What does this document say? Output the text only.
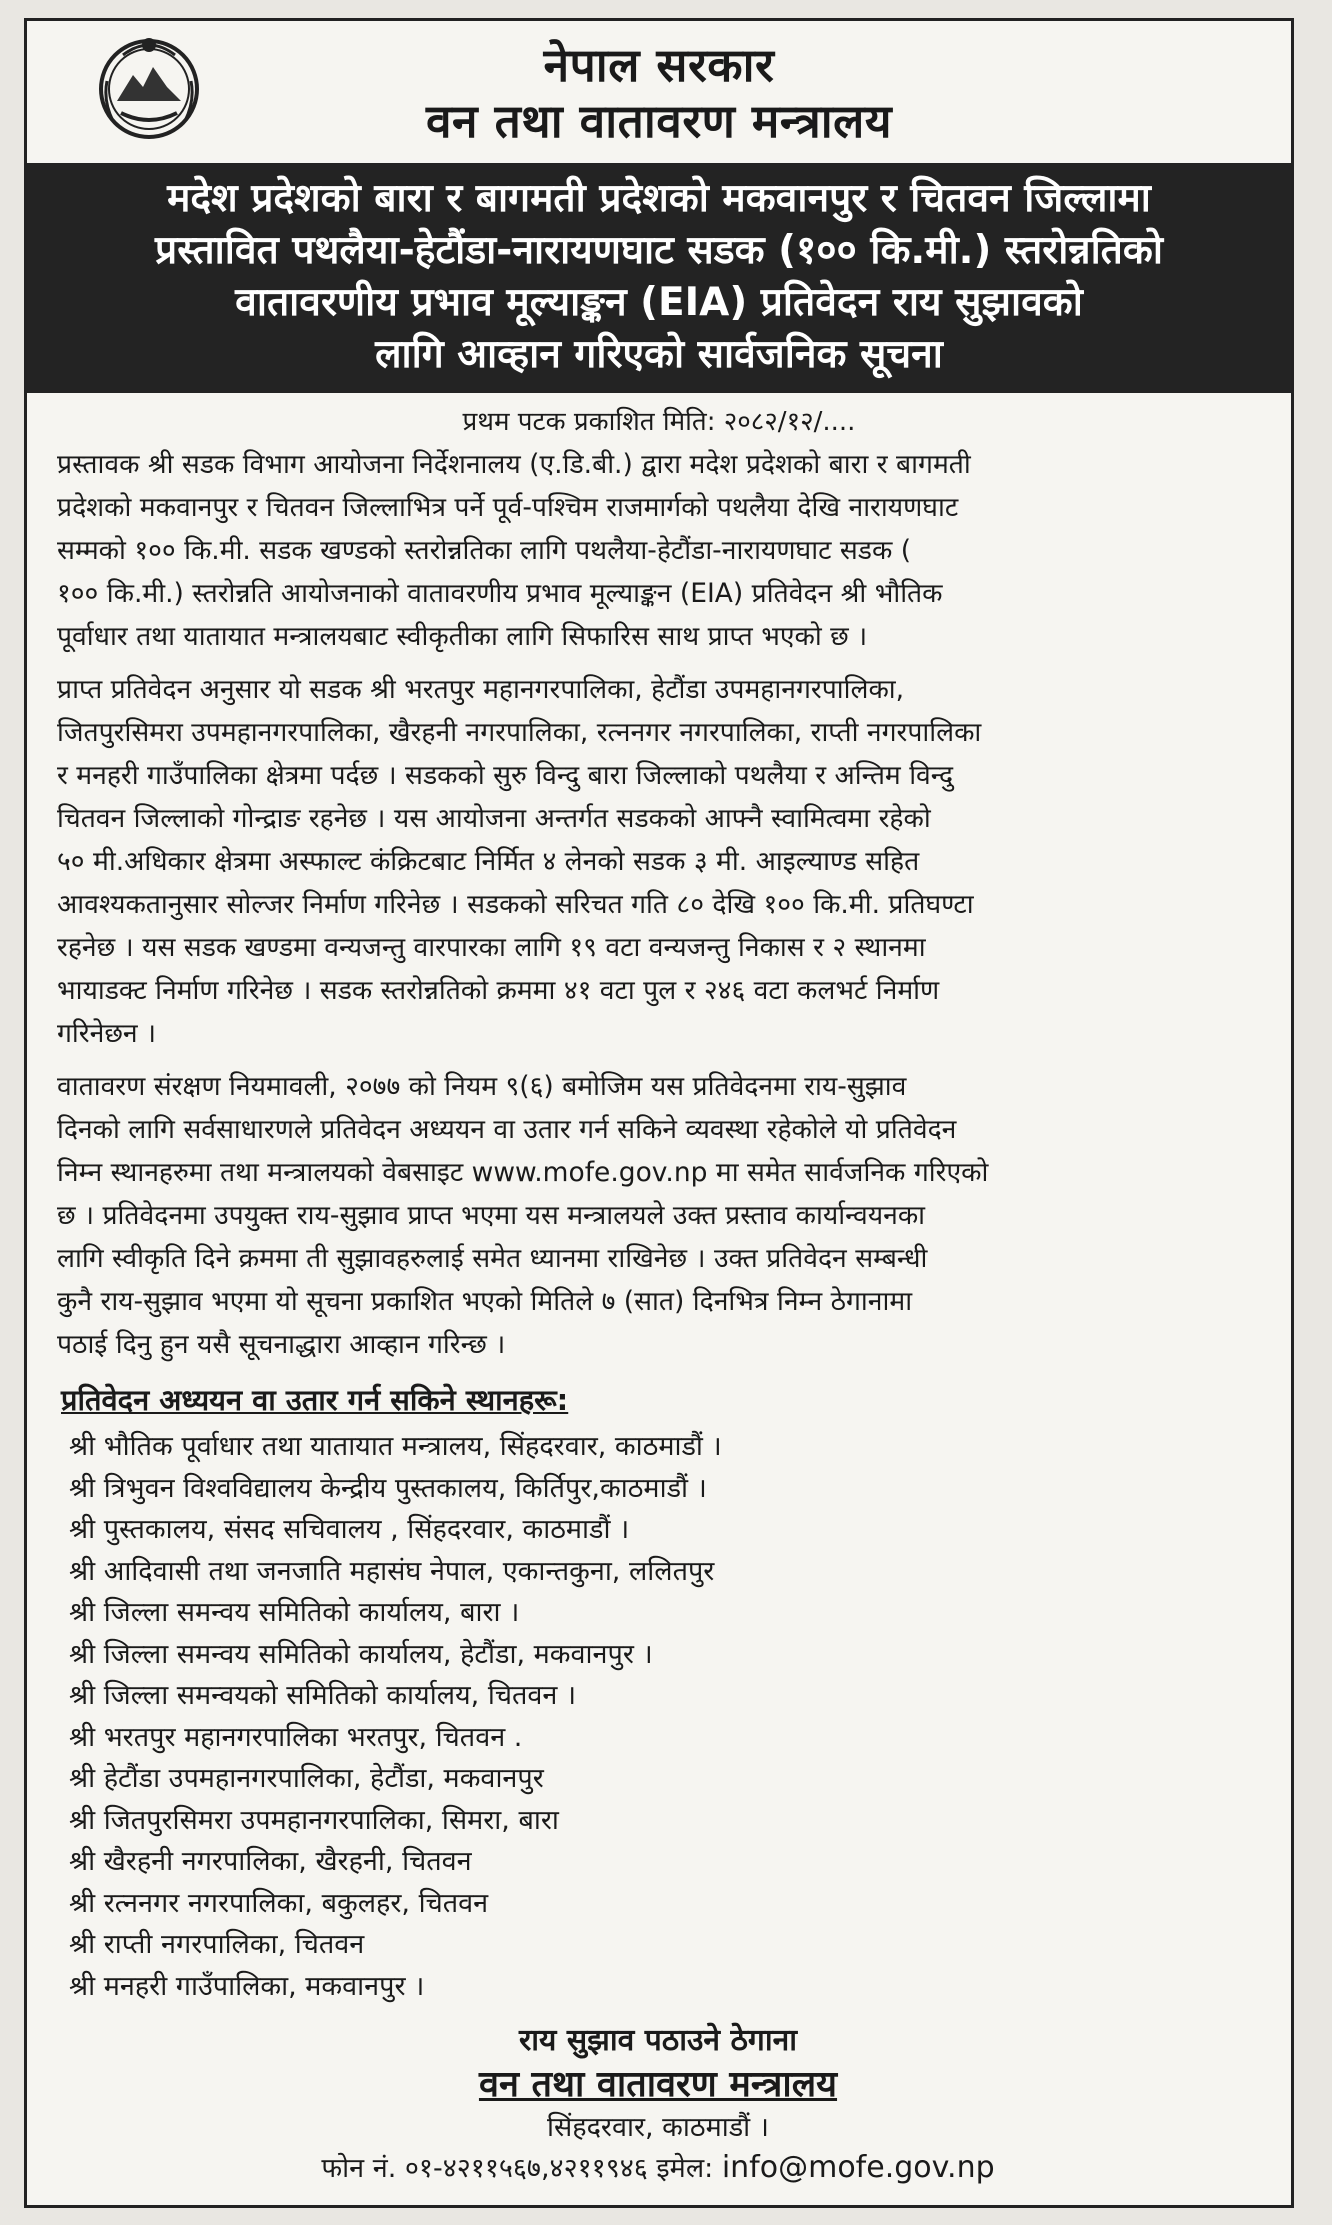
नेपाल सरकार
वन तथा वातावरण मन्त्रालय
मदेश प्रदेशको बारा र बागमती प्रदेशको मकवानपुर र चितवन जिल्लामा
प्रस्तावित पथलैया-हेटौंडा-नारायणघाट सडक (१०० कि.मी.) स्तरोन्नतिको
वातावरणीय प्रभाव मूल्याङ्कन (EIA) प्रतिवेदन राय सुझावको
लागि आव्हान गरिएको सार्वजनिक सूचना
प्रथम पटक प्रकाशित मिति: २०८२/१२/....
प्रस्तावक श्री सडक विभाग आयोजना निर्देशनालय (ए.डि.बी.) द्वारा मदेश प्रदेशको बारा र बागमती
प्रदेशको मकवानपुर र चितवन जिल्लाभित्र पर्ने पूर्व-पश्चिम राजमार्गको पथलैया देखि नारायणघाट
सम्मको १०० कि.मी. सडक खण्डको स्तरोन्नतिका लागि पथलैया-हेटौंडा-नारायणघाट सडक (
१०० कि.मी.) स्तरोन्नति आयोजनाको वातावरणीय प्रभाव मूल्याङ्कन (EIA) प्रतिवेदन श्री भौतिक
पूर्वाधार तथा यातायात मन्त्रालयबाट स्वीकृतीका लागि सिफारिस साथ प्राप्त भएको छ ।
प्राप्त प्रतिवेदन अनुसार यो सडक श्री भरतपुर महानगरपालिका, हेटौंडा उपमहानगरपालिका,
जितपुरसिमरा उपमहानगरपालिका, खैरहनी नगरपालिका, रत्ननगर नगरपालिका, राप्ती नगरपालिका
र मनहरी गाउँपालिका क्षेत्रमा पर्दछ । सडकको सुरु विन्दु बारा जिल्लाको पथलैया र अन्तिम विन्दु
चितवन जिल्लाको गोन्द्राङ रहनेछ । यस आयोजना अन्तर्गत सडकको आफ्नै स्वामित्वमा रहेको
५० मी.अधिकार क्षेत्रमा अस्फाल्ट कंक्रिटबाट निर्मित ४ लेनको सडक ३ मी. आइल्याण्ड सहित
आवश्यकतानुसार सोल्जर निर्माण गरिनेछ । सडकको सरिचत गति ८० देखि १०० कि.मी. प्रतिघण्टा
रहनेछ । यस सडक खण्डमा वन्यजन्तु वारपारका लागि १९ वटा वन्यजन्तु निकास र २ स्थानमा
भायाडक्ट निर्माण गरिनेछ । सडक स्तरोन्नतिको क्रममा ४१ वटा पुल र २४६ वटा कलभर्ट निर्माण
गरिनेछन ।
वातावरण संरक्षण नियमावली, २०७७ को नियम ९(६) बमोजिम यस प्रतिवेदनमा राय-सुझाव
दिनको लागि सर्वसाधारणले प्रतिवेदन अध्ययन वा उतार गर्न सकिने व्यवस्था रहेकोले यो प्रतिवेदन
निम्न स्थानहरुमा तथा मन्त्रालयको वेबसाइट www.mofe.gov.np मा समेत सार्वजनिक गरिएको
छ । प्रतिवेदनमा उपयुक्त राय-सुझाव प्राप्त भएमा यस मन्त्रालयले उक्त प्रस्ताव कार्यान्वयनका
लागि स्वीकृति दिने क्रममा ती सुझावहरुलाई समेत ध्यानमा राखिनेछ । उक्त प्रतिवेदन सम्बन्धी
कुनै राय-सुझाव भएमा यो सूचना प्रकाशित भएको मितिले ७ (सात) दिनभित्र निम्न ठेगानामा
पठाई दिनु हुन यसै सूचनाद्धारा आव्हान गरिन्छ ।
प्रतिवेदन अध्ययन वा उतार गर्न सकिने स्थानहरू:
श्री भौतिक पूर्वाधार तथा यातायात मन्त्रालय, सिंहदरवार, काठमाडौं ।
श्री त्रिभुवन विश्वविद्यालय केन्द्रीय पुस्तकालय, किर्तिपुर,काठमाडौं ।
श्री पुस्तकालय, संसद सचिवालय , सिंहदरवार, काठमाडौं ।
श्री आदिवासी तथा जनजाति महासंघ नेपाल, एकान्तकुना, ललितपुर
श्री जिल्ला समन्वय समितिको कार्यालय, बारा ।
श्री जिल्ला समन्वय समितिको कार्यालय, हेटौंडा, मकवानपुर ।
श्री जिल्ला समन्वयको समितिको कार्यालय, चितवन ।
श्री भरतपुर महानगरपालिका भरतपुर, चितवन .
श्री हेटौंडा उपमहानगरपालिका, हेटौंडा, मकवानपुर
श्री जितपुरसिमरा उपमहानगरपालिका, सिमरा, बारा
श्री खैरहनी नगरपालिका, खैरहनी, चितवन
श्री रत्ननगर नगरपालिका, बकुलहर, चितवन
श्री राप्ती नगरपालिका, चितवन
श्री मनहरी गाउँपालिका, मकवानपुर ।
राय सुझाव पठाउने ठेगाना
वन तथा वातावरण मन्त्रालय
सिंहदरवार, काठमाडौं ।
फोन नं. ०१-४२११५६७,४२११९४६ इमेल: info@mofe.gov.np
